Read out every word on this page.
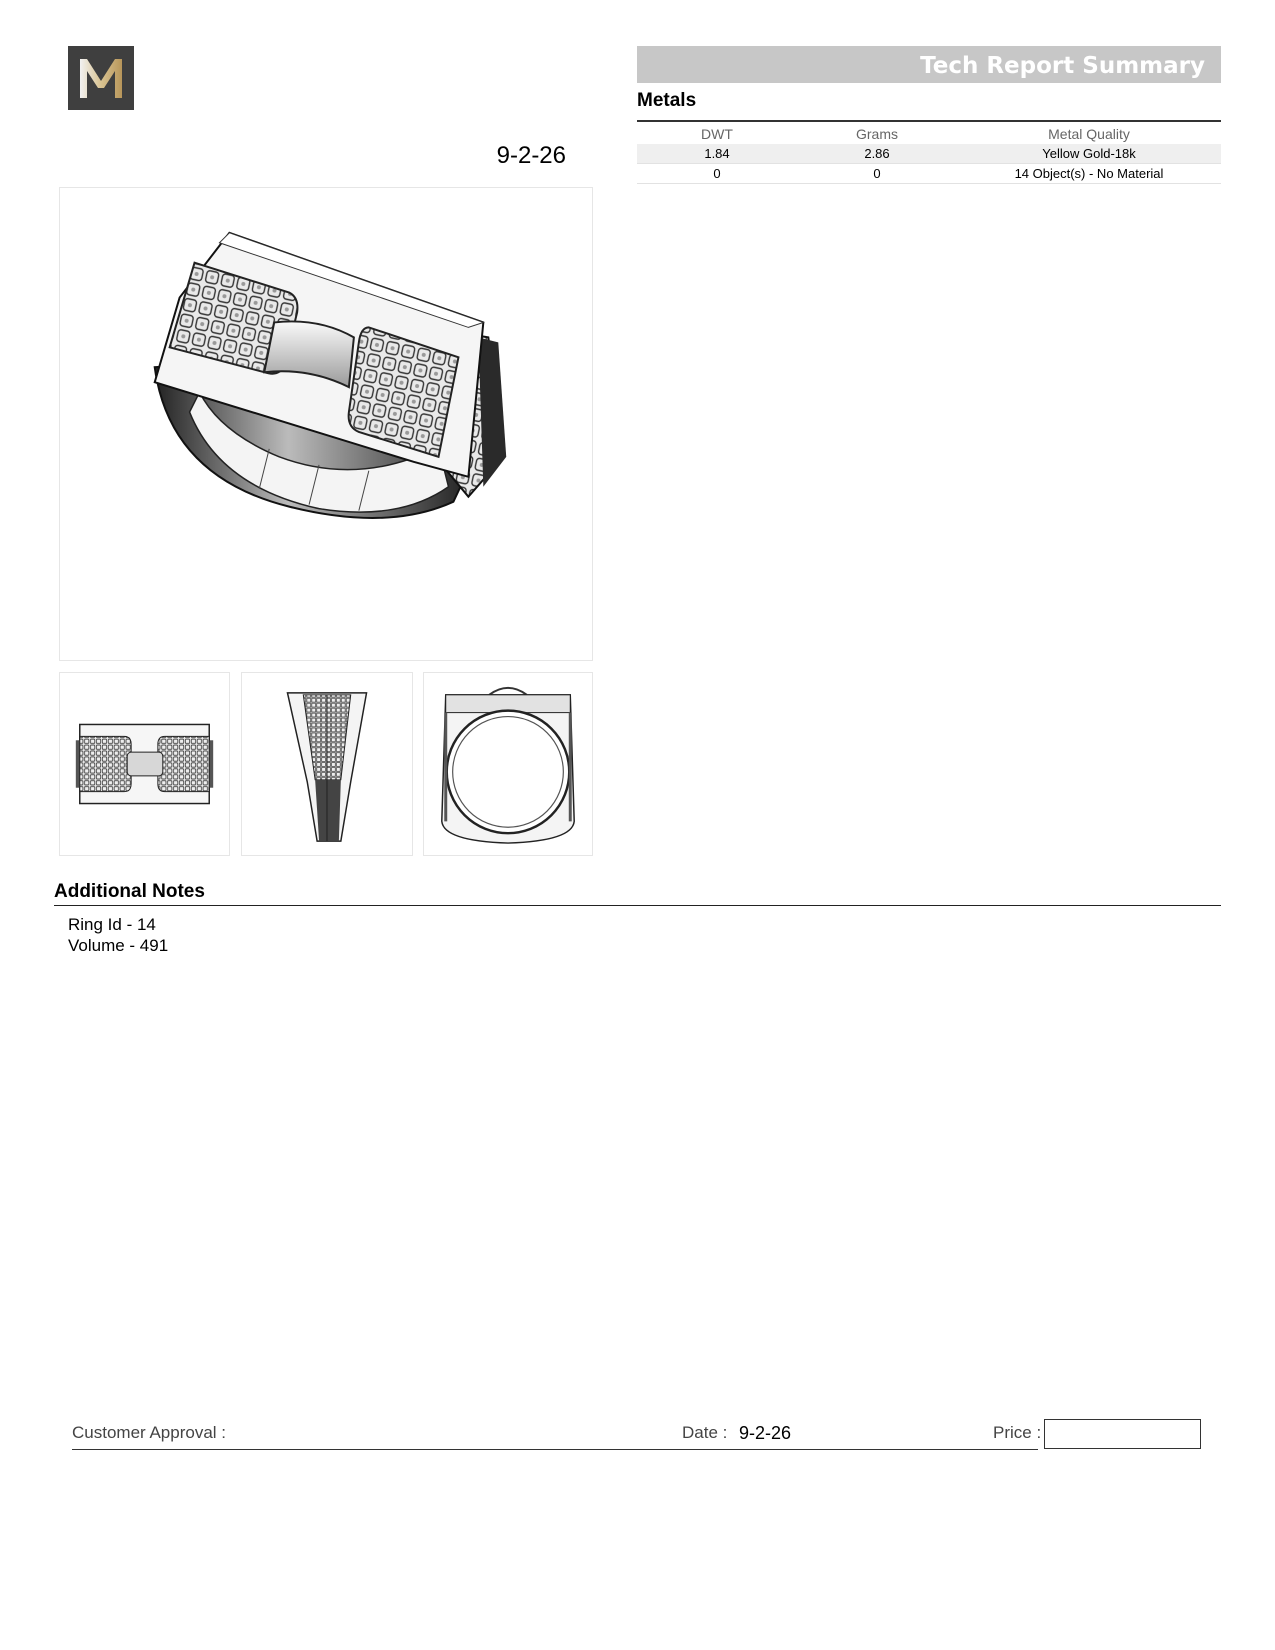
9-2-26
Tech Report Summary
Metals
DWT	Grams	Metal Quality
1.84	2.86	Yellow Gold-18k
0	0	14 Object(s) - No Material
Additional Notes
Ring Id - 14
Volume - 491
Customer Approval :	Date : 9-2-26	Price :
